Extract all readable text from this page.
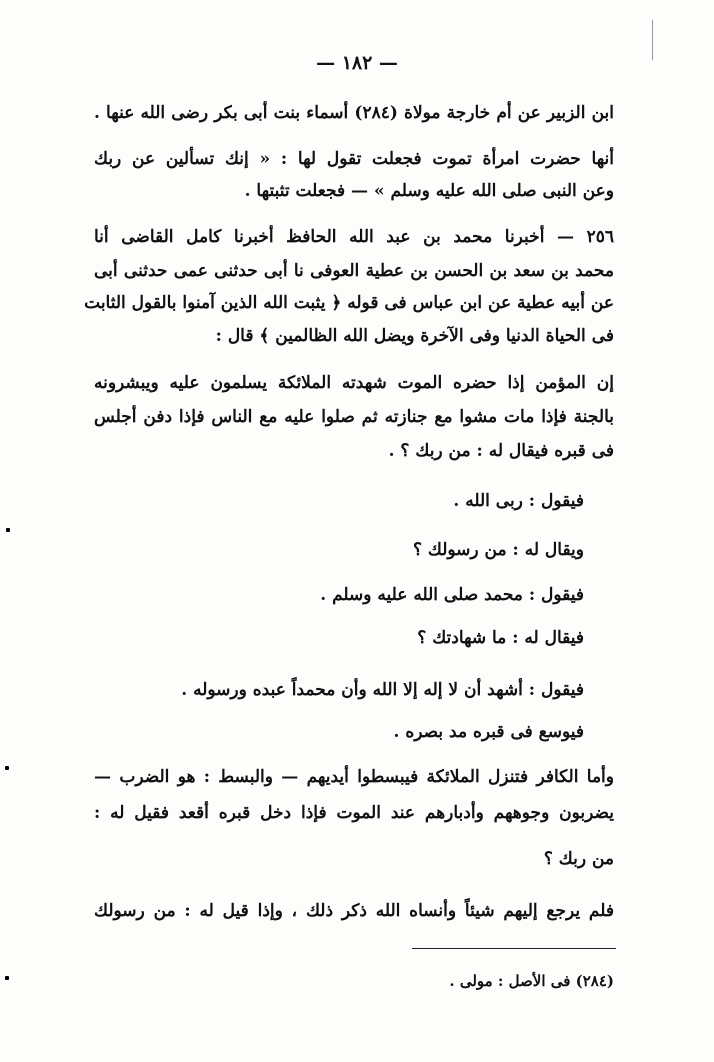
— ١٨٢ —
ابن الزبير عن أم خارجة مولاة (٢٨٤) أسماء بنت أبى بكر رضى الله عنها .
أنها حضرت امرأة تموت فجعلت تقول لها : « إنك تسألين عن ربك
وعن النبى صلى الله عليه وسلم » — فجعلت تثبتها .
٢٥٦ — أخبرنا محمد بن عبد الله الحافظ أخبرنا كامل القاضى أنا
محمد بن سعد بن الحسن بن عطية العوفى نا أبى حدثنى عمى حدثنى أبى
عن أبيه عطية عن ابن عباس فى قوله ﴿ يثبت الله الذين آمنوا بالقول الثابت
فى الحياة الدنيا وفى الآخرة ويضل الله الظالمين ﴾ قال :
إن المؤمن إذا حضره الموت شهدته الملائكة يسلمون عليه ويبشرونه
بالجنة فإذا مات مشوا مع جنازته ثم صلوا عليه مع الناس فإذا دفن أجلس
فى قبره فيقال له : من ربك ؟ .
فيقول : ربى الله .
ويقال له : من رسولك ؟
فيقول : محمد صلى الله عليه وسلم .
فيقال له : ما شهادتك ؟
فيقول : أشهد أن لا إله إلا الله وأن محمداً عبده ورسوله .
فيوسع فى قبره مد بصره .
وأما الكافر فتنزل الملائكة فيبسطوا أيديهم — والبسط : هو الضرب —
يضربون وجوههم وأدبارهم عند الموت فإذا دخل قبره أقعد فقيل له :
من ربك ؟
فلم يرجع إليهم شيئاً وأنساه الله ذكر ذلك ، وإذا قيل له : من رسولك
(٢٨٤) فى الأصل : مولى .
